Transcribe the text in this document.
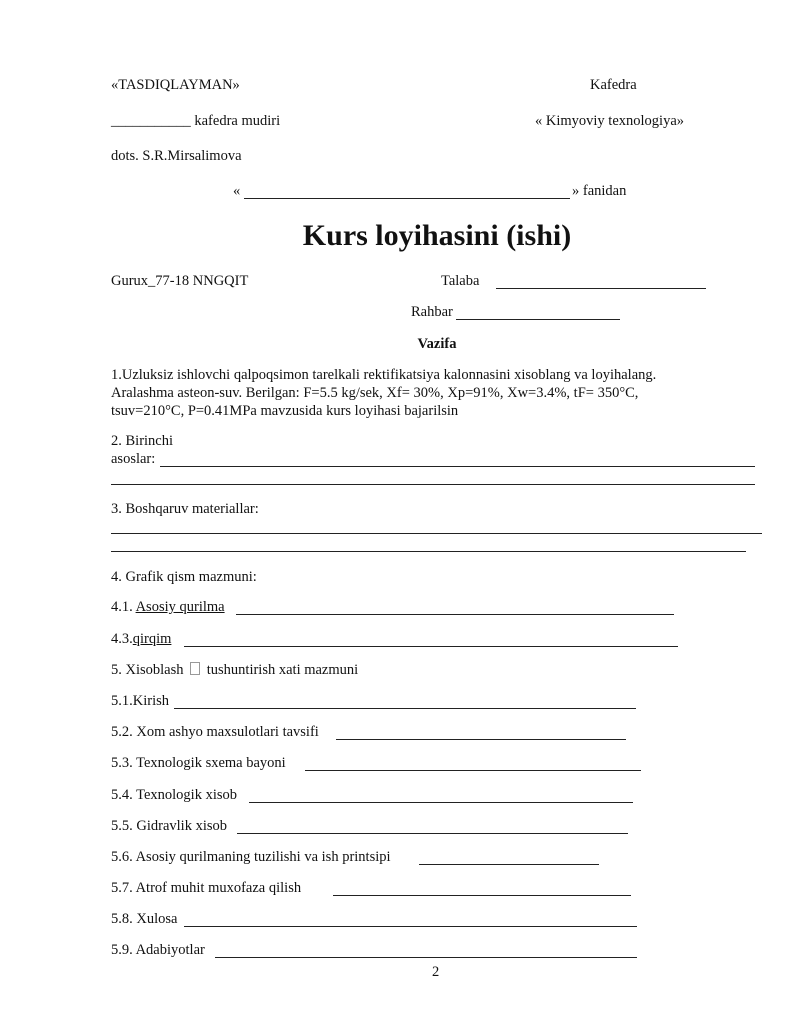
«TASDIQLAYMAN»	Kafedra
___________ kafedra mudiri	« Kimyoviy texnologiya»
dots. S.R.Mirsalimova
«	» fanidan
Kurs loyihasini (ishi)
Gurux_77-18 NNGQIT	Talaba
Rahbar
Vazifa
1.Uzluksiz ishlovchi qalpoqsimon tarelkali rektifikatsiya kalonnasini xisoblang va loyihalang.
Aralashma asteon-suv. Berilgan: F=5.5 kg/sek, Xf= 30%, Xp=91%, Xw=3.4%, tF= 350°C,
tsuv=210°C, P=0.41MPa mavzusida kurs loyihasi bajarilsin
2. Birinchi
asoslar:
3. Boshqaruv materiallar:
4. Grafik qism mazmuni:
4.1. Asosiy qurilma
4.3.qirqim
5. Xisoblash tushuntirish xati mazmuni
5.1.Kirish
5.2. Xom ashyo maxsulotlari tavsifi
5.3. Texnologik sxema bayoni
5.4. Texnologik xisob
5.5. Gidravlik xisob
5.6. Asosiy qurilmaning tuzilishi va ish printsipi
5.7. Atrof muhit muxofaza qilish
5.8. Xulosa
5.9. Adabiyotlar
2
